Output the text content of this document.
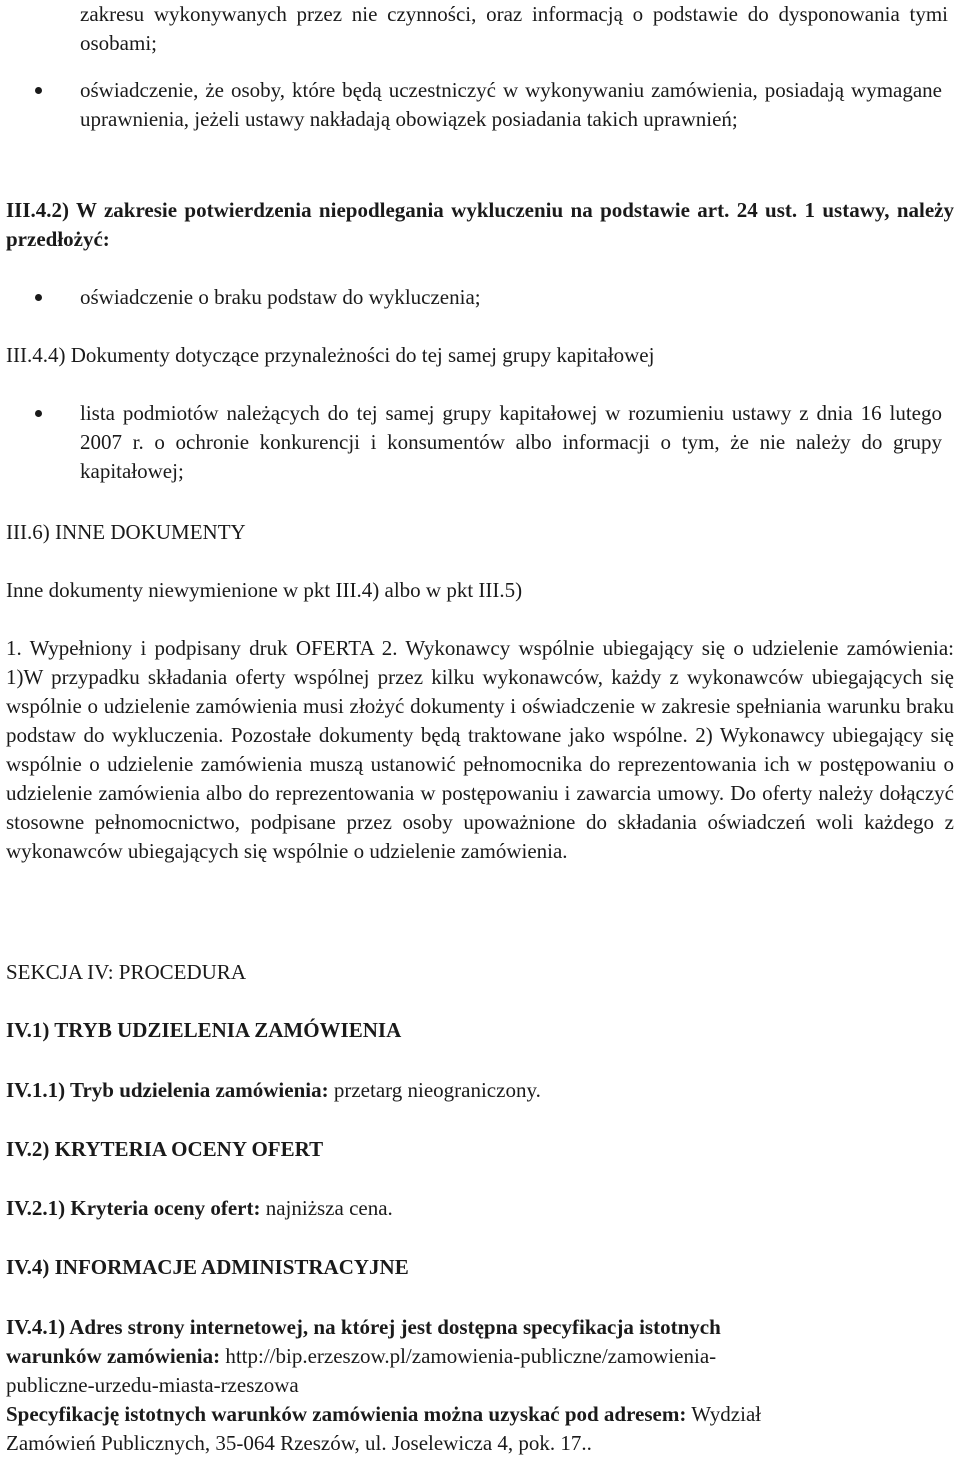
zakresu wykonywanych przez nie czynności, oraz informacją o podstawie do dysponowania tymi osobami;

oświadczenie, że osoby, które będą uczestniczyć w wykonywaniu zamówienia, posiadają wymagane uprawnienia, jeżeli ustawy nakładają obowiązek posiadania takich uprawnień;

III.4.2) W zakresie potwierdzenia niepodlegania wykluczeniu na podstawie art. 24 ust. 1 ustawy, należy przedłożyć:

oświadczenie o braku podstaw do wykluczenia;

III.4.4) Dokumenty dotyczące przynależności do tej samej grupy kapitałowej

lista podmiotów należących do tej samej grupy kapitałowej w rozumieniu ustawy z dnia 16 lutego 2007 r. o ochronie konkurencji i konsumentów albo informacji o tym, że nie należy do grupy kapitałowej;

III.6) INNE DOKUMENTY

Inne dokumenty niewymienione w pkt III.4) albo w pkt III.5)

1. Wypełniony i podpisany druk OFERTA 2. Wykonawcy wspólnie ubiegający się o udzielenie zamówienia: 1)W przypadku składania oferty wspólnej przez kilku wykonawców, każdy z wykonawców ubiegających się wspólnie o udzielenie zamówienia musi złożyć dokumenty i oświadczenie w zakresie spełniania warunku braku podstaw do wykluczenia. Pozostałe dokumenty będą traktowane jako wspólne. 2) Wykonawcy ubiegający się wspólnie o udzielenie zamówienia muszą ustanowić pełnomocnika do reprezentowania ich w postępowaniu o udzielenie zamówienia albo do reprezentowania w postępowaniu i zawarcia umowy. Do oferty należy dołączyć stosowne pełnomocnictwo, podpisane przez osoby upoważnione do składania oświadczeń woli każdego z wykonawców ubiegających się wspólnie o udzielenie zamówienia.

SEKCJA IV: PROCEDURA

IV.1) TRYB UDZIELENIA ZAMÓWIENIA

IV.1.1) Tryb udzielenia zamówienia: przetarg nieograniczony.

IV.2) KRYTERIA OCENY OFERT

IV.2.1) Kryteria oceny ofert: najniższa cena.

IV.4) INFORMACJE ADMINISTRACYJNE

IV.4.1) Adres strony internetowej, na której jest dostępna specyfikacja istotnych
warunków zamówienia: http://bip.erzeszow.pl/zamowienia-publiczne/zamowienia-
publiczne-urzedu-miasta-rzeszowa

Specyfikację istotnych warunków zamówienia można uzyskać pod adresem: Wydział
Zamówień Publicznych, 35-064 Rzeszów, ul. Joselewicza 4, pok. 17..
